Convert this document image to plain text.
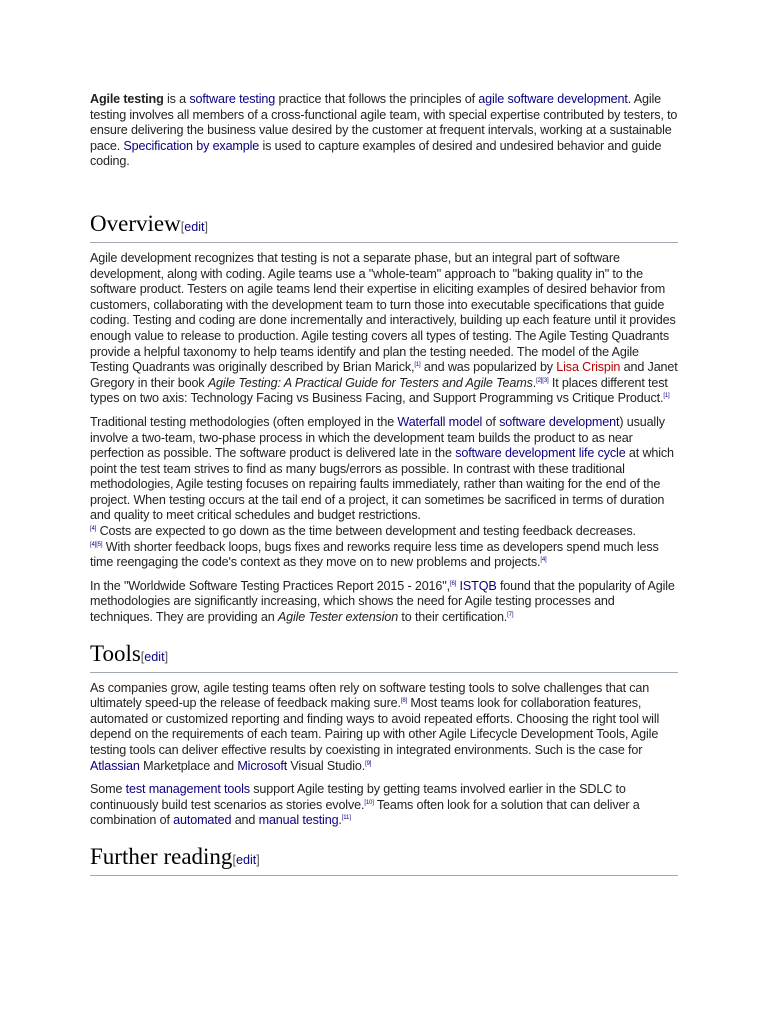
Agile testing is a software testing practice that follows the principles of agile software development. Agile testing involves all members of a cross-functional agile team, with special expertise contributed by testers, to ensure delivering the business value desired by the customer at frequent intervals, working at a sustainable pace. Specification by example is used to capture examples of desired and undesired behavior and guide coding.

Overview[edit]

Agile development recognizes that testing is not a separate phase, but an integral part of software development, along with coding. Agile teams use a "whole-team" approach to "baking quality in" to the software product. Testers on agile teams lend their expertise in eliciting examples of desired behavior from customers, collaborating with the development team to turn those into executable specifications that guide coding. Testing and coding are done incrementally and interactively, building up each feature until it provides enough value to release to production. Agile testing covers all types of testing. The Agile Testing Quadrants provide a helpful taxonomy to help teams identify and plan the testing needed. The model of the Agile Testing Quadrants was originally described by Brian Marick,[1] and was popularized by Lisa Crispin and Janet Gregory in their book Agile Testing: A Practical Guide for Testers and Agile Teams.[2][3] It places different test types on two axis: Technology Facing vs Business Facing, and Support Programming vs Critique Product.[1]

Traditional testing methodologies (often employed in the Waterfall model of software development) usually involve a two-team, two-phase process in which the development team builds the product to as near perfection as possible. The software product is delivered late in the software development life cycle at which point the test team strives to find as many bugs/errors as possible. In contrast with these traditional methodologies, Agile testing focuses on repairing faults immediately, rather than waiting for the end of the project. When testing occurs at the tail end of a project, it can sometimes be sacrificed in terms of duration and quality to meet critical schedules and budget restrictions.
[4] Costs are expected to go down as the time between development and testing feedback decreases.
[4][5] With shorter feedback loops, bugs fixes and reworks require less time as developers spend much less time reengaging the code's context as they move on to new problems and projects.[4]

In the "Worldwide Software Testing Practices Report 2015 - 2016",[6] ISTQB found that the popularity of Agile methodologies are significantly increasing, which shows the need for Agile testing processes and techniques. They are providing an Agile Tester extension to their certification.[7]

Tools[edit]

As companies grow, agile testing teams often rely on software testing tools to solve challenges that can ultimately speed-up the release of feedback making sure.[8] Most teams look for collaboration features, automated or customized reporting and finding ways to avoid repeated efforts. Choosing the right tool will depend on the requirements of each team. Pairing up with other Agile Lifecycle Development Tools, Agile testing tools can deliver effective results by coexisting in integrated environments. Such is the case for Atlassian Marketplace and Microsoft Visual Studio.[9]

Some test management tools support Agile testing by getting teams involved earlier in the SDLC to continuously build test scenarios as stories evolve.[10] Teams often look for a solution that can deliver a combination of automated and manual testing.[11]

Further reading[edit]
